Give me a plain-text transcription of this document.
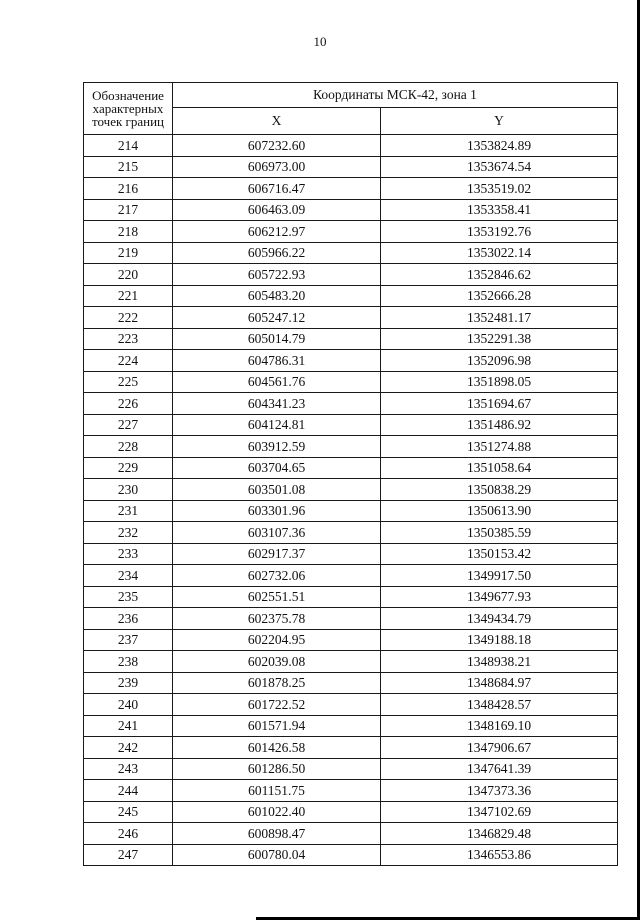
10
Обозначение характерных точек границ	Координаты МСК-42, зона 1	
	X	Y
214	607232.60	1353824.89
215	606973.00	1353674.54
216	606716.47	1353519.02
217	606463.09	1353358.41
218	606212.97	1353192.76
219	605966.22	1353022.14
220	605722.93	1352846.62
221	605483.20	1352666.28
222	605247.12	1352481.17
223	605014.79	1352291.38
224	604786.31	1352096.98
225	604561.76	1351898.05
226	604341.23	1351694.67
227	604124.81	1351486.92
228	603912.59	1351274.88
229	603704.65	1351058.64
230	603501.08	1350838.29
231	603301.96	1350613.90
232	603107.36	1350385.59
233	602917.37	1350153.42
234	602732.06	1349917.50
235	602551.51	1349677.93
236	602375.78	1349434.79
237	602204.95	1349188.18
238	602039.08	1348938.21
239	601878.25	1348684.97
240	601722.52	1348428.57
241	601571.94	1348169.10
242	601426.58	1347906.67
243	601286.50	1347641.39
244	601151.75	1347373.36
245	601022.40	1347102.69
246	600898.47	1346829.48
247	600780.04	1346553.86
